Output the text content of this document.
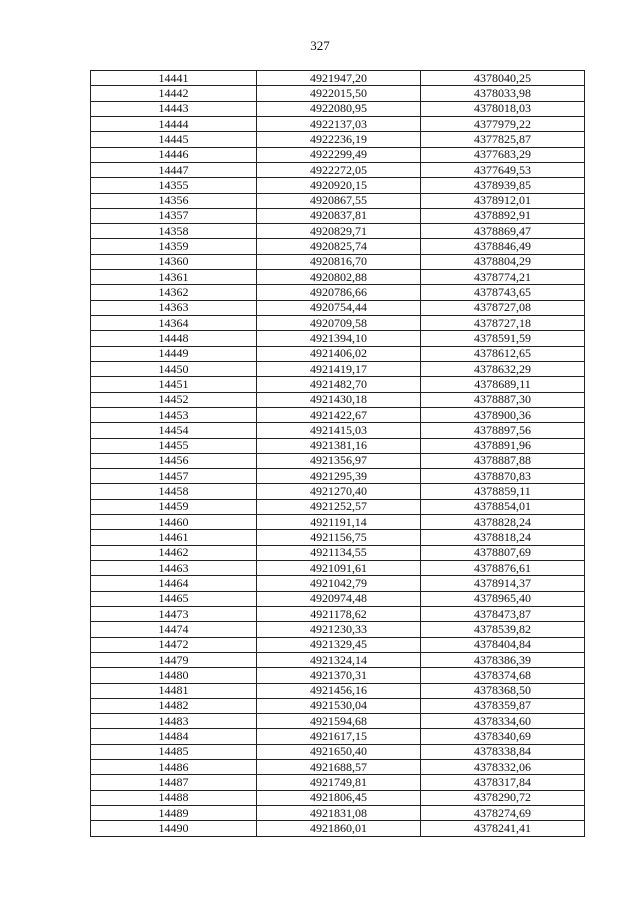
327
14441	4921947,20	4378040,25
14442	4922015,50	4378033,98
14443	4922080,95	4378018,03
14444	4922137,03	4377979,22
14445	4922236,19	4377825,87
14446	4922299,49	4377683,29
14447	4922272,05	4377649,53
14355	4920920,15	4378939,85
14356	4920867,55	4378912,01
14357	4920837,81	4378892,91
14358	4920829,71	4378869,47
14359	4920825,74	4378846,49
14360	4920816,70	4378804,29
14361	4920802,88	4378774,21
14362	4920786,66	4378743,65
14363	4920754,44	4378727,08
14364	4920709,58	4378727,18
14448	4921394,10	4378591,59
14449	4921406,02	4378612,65
14450	4921419,17	4378632,29
14451	4921482,70	4378689,11
14452	4921430,18	4378887,30
14453	4921422,67	4378900,36
14454	4921415,03	4378897,56
14455	4921381,16	4378891,96
14456	4921356,97	4378887,88
14457	4921295,39	4378870,83
14458	4921270,40	4378859,11
14459	4921252,57	4378854,01
14460	4921191,14	4378828,24
14461	4921156,75	4378818,24
14462	4921134,55	4378807,69
14463	4921091,61	4378876,61
14464	4921042,79	4378914,37
14465	4920974,48	4378965,40
14473	4921178,62	4378473,87
14474	4921230,33	4378539,82
14472	4921329,45	4378404,84
14479	4921324,14	4378386,39
14480	4921370,31	4378374,68
14481	4921456,16	4378368,50
14482	4921530,04	4378359,87
14483	4921594,68	4378334,60
14484	4921617,15	4378340,69
14485	4921650,40	4378338,84
14486	4921688,57	4378332,06
14487	4921749,81	4378317,84
14488	4921806,45	4378290,72
14489	4921831,08	4378274,69
14490	4921860,01	4378241,41
